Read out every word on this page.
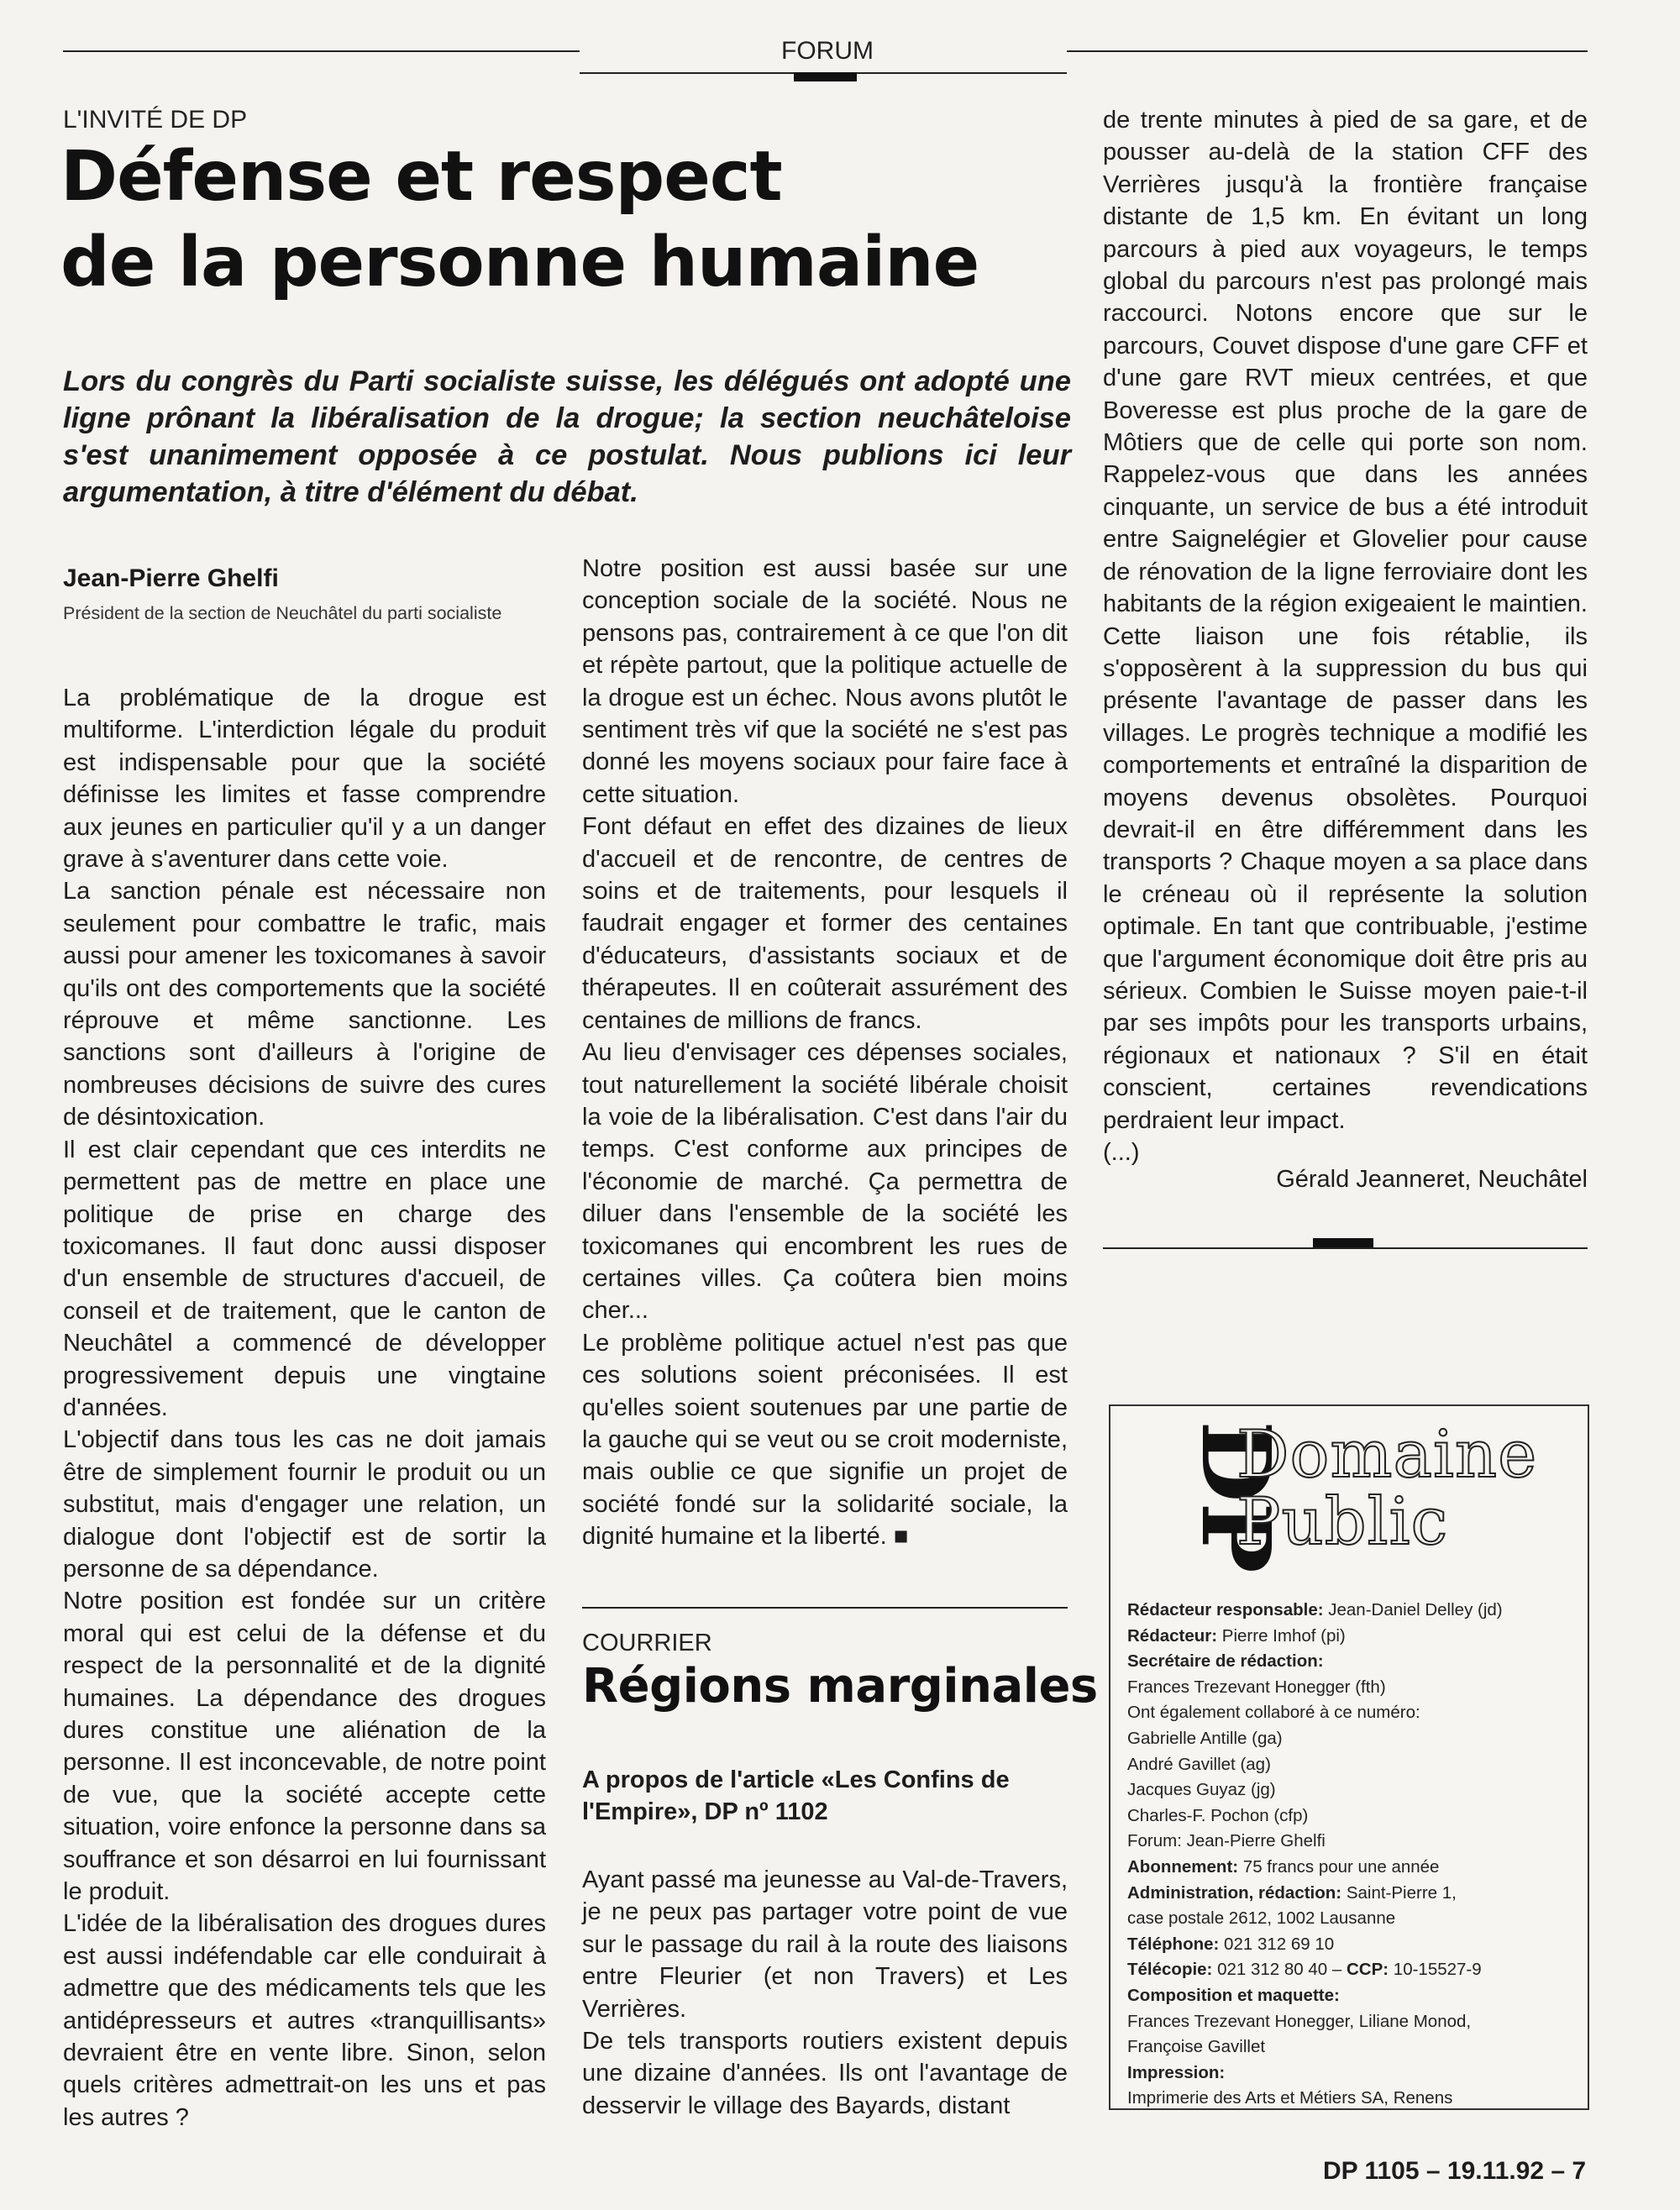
FORUM
L'INVITÉ DE DP
Défense et respect
de la personne humaine

Lors du congrès du Parti socialiste suisse, les délégués ont adopté une ligne prônant la libéralisation de la drogue; la section neuchâteloise s'est unanimement opposée à ce postulat. Nous publions ici leur argumentation, à titre d'élément du débat.

Jean-Pierre Ghelfi
Président de la section de Neuchâtel du parti socialiste

La problématique de la drogue est multiforme. L'interdiction légale du produit est indispensable pour que la société définisse les limites et fasse comprendre aux jeunes en particulier qu'il y a un danger grave à s'aventurer dans cette voie.

La sanction pénale est nécessaire non seulement pour combattre le trafic, mais aussi pour amener les toxicomanes à savoir qu'ils ont des comportements que la société réprouve et même sanctionne. Les sanctions sont d'ailleurs à l'origine de nombreuses décisions de suivre des cures de désintoxication.

Il est clair cependant que ces interdits ne permettent pas de mettre en place une politique de prise en charge des toxicomanes. Il faut donc aussi disposer d'un ensemble de structures d'accueil, de conseil et de traitement, que le canton de Neuchâtel a commencé de développer progressivement depuis une vingtaine d'années.

L'objectif dans tous les cas ne doit jamais être de simplement fournir le produit ou un substitut, mais d'engager une relation, un dialogue dont l'objectif est de sortir la personne de sa dépendance.

Notre position est fondée sur un critère moral qui est celui de la défense et du respect de la personnalité et de la dignité humaines. La dépendance des drogues dures constitue une aliénation de la personne. Il est inconcevable, de notre point de vue, que la société accepte cette situation, voire enfonce la personne dans sa souffrance et son désarroi en lui fournissant le produit.

L'idée de la libéralisation des drogues dures est aussi indéfendable car elle conduirait à admettre que des médicaments tels que les antidépresseurs et autres «tranquillisants» devraient être en vente libre. Sinon, selon quels critères admettrait-on les uns et pas les autres ?

Notre position est aussi basée sur une conception sociale de la société. Nous ne pensons pas, contrairement à ce que l'on dit et répète partout, que la politique actuelle de la drogue est un échec. Nous avons plutôt le sentiment très vif que la société ne s'est pas donné les moyens sociaux pour faire face à cette situation.

Font défaut en effet des dizaines de lieux d'accueil et de rencontre, de centres de soins et de traitements, pour lesquels il faudrait engager et former des centaines d'éducateurs, d'assistants sociaux et de thérapeutes. Il en coûterait assurément des centaines de millions de francs.

Au lieu d'envisager ces dépenses sociales, tout naturellement la société libérale choisit la voie de la libéralisation. C'est dans l'air du temps. C'est conforme aux principes de l'économie de marché. Ça permettra de diluer dans l'ensemble de la société les toxicomanes qui encombrent les rues de certaines villes. Ça coûtera bien moins cher...

Le problème politique actuel n'est pas que ces solutions soient préconisées. Il est qu'elles soient soutenues par une partie de la gauche qui se veut ou se croit moderniste, mais oublie ce que signifie un projet de société fondé sur la solidarité sociale, la dignité humaine et la liberté. ■

COURRIER
Régions marginales
A propos de l'article «Les Confins de l'Empire», DP nº 1102

Ayant passé ma jeunesse au Val-de-Travers, je ne peux pas partager votre point de vue sur le passage du rail à la route des liaisons entre Fleurier (et non Travers) et Les Verrières.

De tels transports routiers existent depuis une dizaine d'années. Ils ont l'avantage de desservir le village des Bayards, distant

de trente minutes à pied de sa gare, et de pousser au-delà de la station CFF des Verrières jusqu'à la frontière française distante de 1,5 km. En évitant un long parcours à pied aux voyageurs, le temps global du parcours n'est pas prolongé mais raccourci. Notons encore que sur le parcours, Couvet dispose d'une gare CFF et d'une gare RVT mieux centrées, et que Boveresse est plus proche de la gare de Môtiers que de celle qui porte son nom. Rappelez-vous que dans les années cinquante, un service de bus a été introduit entre Saignelégier et Glovelier pour cause de rénovation de la ligne ferroviaire dont les habitants de la région exigeaient le maintien. Cette liaison une fois rétablie, ils s'opposèrent à la suppression du bus qui présente l'avantage de passer dans les villages. Le progrès technique a modifié les comportements et entraîné la disparition de moyens devenus obsolètes. Pourquoi devrait-il en être différemment dans les transports ? Chaque moyen a sa place dans le créneau où il représente la solution optimale. En tant que contribuable, j'estime que l'argument économique doit être pris au sérieux. Combien le Suisse moyen paie-t-il par ses impôts pour les transports urbains, régionaux et nationaux ? S'il en était conscient, certaines revendications perdraient leur impact.

(...)

Gérald Jeanneret, Neuchâtel
DP
Domaine
Public
Rédacteur responsable: Jean-Daniel Delley (jd)
Rédacteur: Pierre Imhof (pi)
Secrétaire de rédaction:
Frances Trezevant Honegger (fth)
Ont également collaboré à ce numéro:
Gabrielle Antille (ga)
André Gavillet (ag)
Jacques Guyaz (jg)
Charles-F. Pochon (cfp)
Forum: Jean-Pierre Ghelfi
Abonnement: 75 francs pour une année
Administration, rédaction: Saint-Pierre 1,
case postale 2612, 1002 Lausanne
Téléphone: 021 312 69 10
Télécopie: 021 312 80 40 – CCP: 10-15527-9
Composition et maquette:
Frances Trezevant Honegger, Liliane Monod,
Françoise Gavillet
Impression:
Imprimerie des Arts et Métiers SA, Renens
DP 1105 – 19.11.92 – 7
